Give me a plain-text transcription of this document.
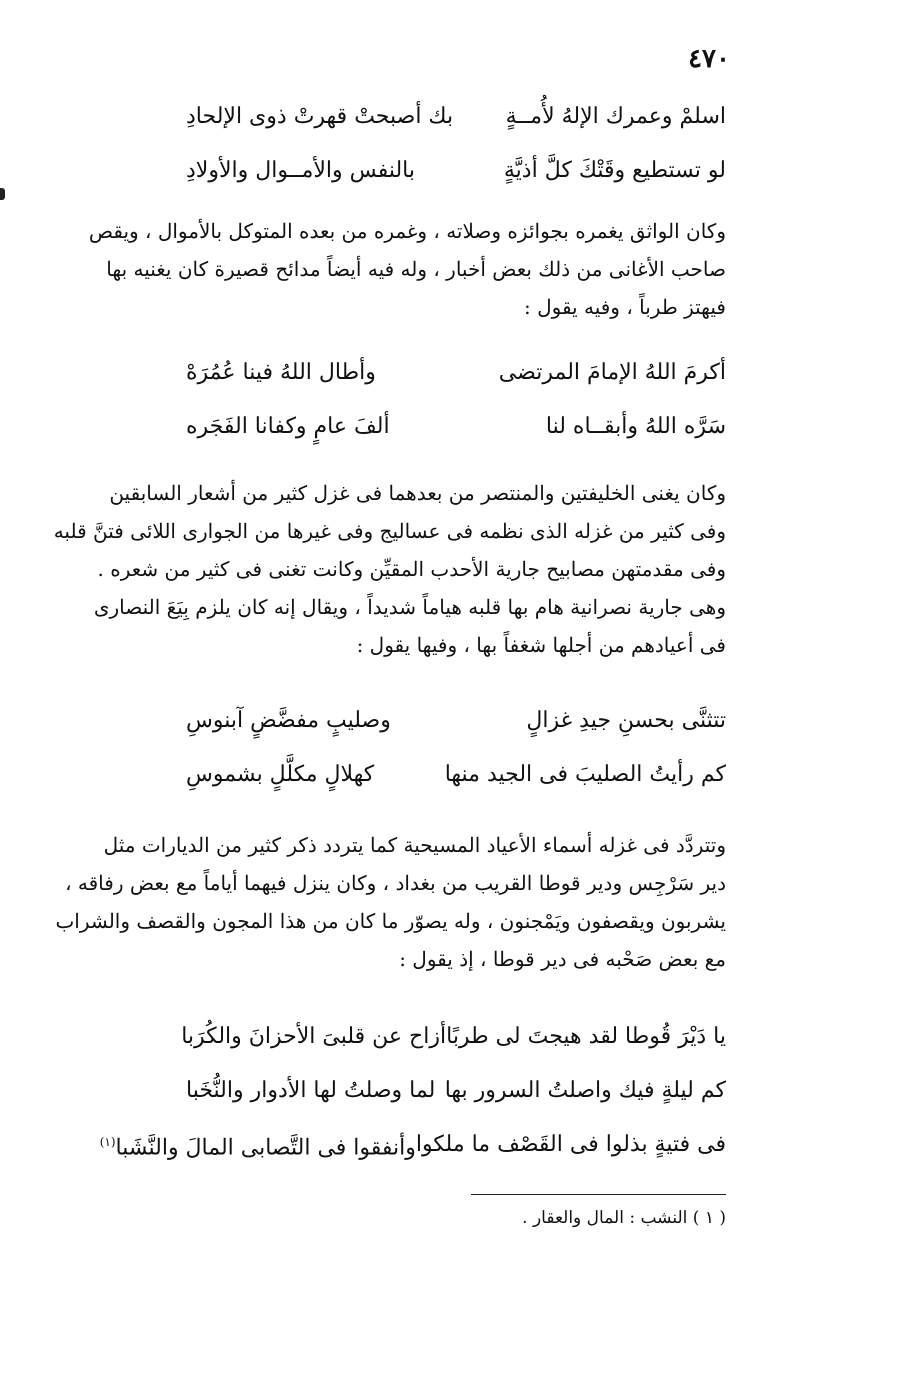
٤٧٠
اسلمْ وعمرك الإلهُ لأُمــةٍ
بك أصبحتْ قهرتْ ذوى الإلحادِ
لو تستطيع وقَتْكَ كلَّ أذيَّةٍ
بالنفس والأمــوال والأولادِ
وكان الواثق يغمره بجوائزه وصلاته ، وغمره من بعده المتوكل بالأموال ، ويقص
صاحب الأغانى من ذلك بعض أخبار ، وله فيه أيضاً مدائح قصيرة كان يغنيه بها
فيهتز طرباً ، وفيه يقول :
أكرمَ اللهُ الإمامَ المرتضى
وأطال اللهُ فينا عُمُرَهْ
سَرَّه اللهُ وأبقــاه لنا
ألفَ عامٍ وكفانا الفَجَره
وكان يغنى الخليفتين والمنتصر من بعدهما فى غزل كثير من أشعار السابقين
وفى كثير من غزله الذى نظمه فى عساليج وفى غيرها من الجوارى اللائى فتنَّ قلبه
وفى مقدمتهن مصابيح جارية الأحدب المقيِّن وكانت تغنى فى كثير من شعره .
وهى جارية نصرانية هام بها قلبه هياماً شديداً ، ويقال إنه كان يلزم بِيَعَ النصارى
فى أعيادهم من أجلها شغفاً بها ، وفيها يقول :
تتثنَّى بحسنِ جيدِ غزالٍ
وصليبٍ مفضَّضٍ آبنوسِ
كم رأيتُ الصليبَ فى الجيد منها
كهلالٍ مكلَّلٍ بشموسِ
وتتردَّد فى غزله أسماء الأعياد المسيحية كما يتردد ذكر كثير من الديارات مثل
دير سَرْجِس ودير قوطا القريب من بغداد ، وكان ينزل فيهما أياماً مع بعض رفاقه ،
يشربون ويقصفون ويَمْجنون ، وله يصوّر ما كان من هذا المجون والقصف والشراب
مع بعض صَحْبه فى دير قوطا ، إذ يقول :
يا دَيْرَ قُوطا لقد هيجتَ لى طربًا
أزاح عن قلبىَ الأحزانَ والكُرَبا
كم ليلةٍ فيك واصلتُ السرور بها
لما وصلتُ لها الأدوار والنُّخَبا
فى فتيةٍ بذلوا فى القَصْف ما ملكوا
وأنفقوا فى التَّصابى المالَ والنَّشَبا$^{(١)}$
( ١ ) النشب : المال والعقار .
